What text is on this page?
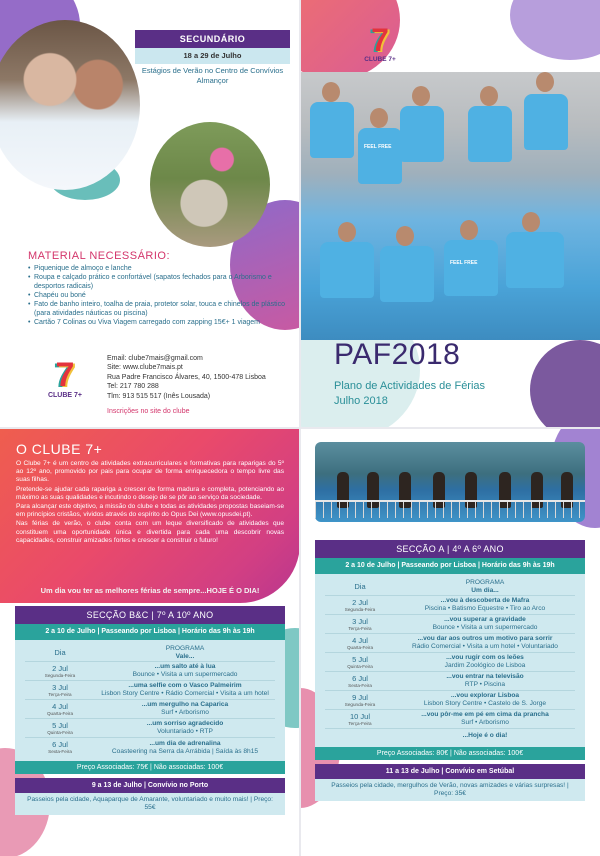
SECUNDÁRIO
18 a 29 de Julho
Estágios de Verão no Centro de Convívios Almançor
MATERIAL NECESSÁRIO:
• Piquenique de almoço e lanche
• Roupa e calçado prático e confortável (sapatos fechados para o Arborismo e desportos radicais)
• Chapéu ou boné
• Fato de banho inteiro, toalha de praia, protetor solar, touca e chinelos de plástico (para atividades náuticas ou piscina)
• Cartão 7 Colinas ou Viva Viagem carregado com zapping 15€+ 1 viagem
7
CLUBE 7+
Email: clube7mais@gmail.com
Site: www.clube7mais.pt
Rua Padre Francisco Álvares, 40, 1500-478 Lisboa
Tel: 217 780 288
Tlm: 913 515 517 (Inês Lousada)
Inscrições no site do clube
7
CLUBE 7+
FEEL FREE
FEEL FREE
PAF2018
Plano de Actividades de Férias
Julho 2018
O CLUBE 7+

O Clube 7+ é um centro de atividades extracurriculares e formativas para raparigas do 5º ao 12º ano, promovido por pais para ocupar de forma enriquecedora o tempo livre das suas filhas.

Pretende-se ajudar cada rapariga a crescer de forma madura e completa, potenciando ao máximo as suas qualidades e incutindo o desejo de se pôr ao serviço da sociedade.

Para alcançar este objetivo, a missão do clube e todas as atividades propostas baseiam-se em princípios cristãos, vividos através do espírito do Opus Dei (www.opusdei.pt).

Nas férias de verão, o clube conta com um leque diversificado de atividades que constituem uma oportunidade única e divertida para cada uma descobrir novas capacidades, construir amizades fortes e crescer a construir o futuro!

Um dia vou ter as melhores férias de sempre...HOJE É O DIA!
SECÇÃO B&C | 7º A 10º ANO
2 a 10 de Julho | Passeando por Lisboa | Horário das 9h às 19h
Dia	PROGRAMA
Vale...
2 Jul
Segunda-Feira
...um salto até à lua
Bounce • Visita a um supermercado
3 Jul
Terça-Feira
...uma selfie com o Vasco Palmeirim
Lisbon Story Centre • Rádio Comercial • Visita a um hotel
4 Jul
Quarta-Feira
...um mergulho na Caparica
Surf • Arborismo
5 Jul
Quinta-Feira
...um sorriso agradecido
Voluntariado • RTP
6 Jul
Sexta-Feira
...um dia de adrenalina
Coasteering na Serra da Arrábida | Saída às 8h15
Preço Associadas: 75€ | Não associadas: 100€
9 a 13 de Julho | Convívio no Porto
Passeios pela cidade, Aquaparque de Amarante, voluntariado e muito mais! | Preço: 55€
SECÇÃO A | 4º A 6º ANO
2 a 10 de Julho | Passeando por Lisboa | Horário das 9h às 19h
Dia	PROGRAMA
Um dia...
2 Jul
Segunda-Feira
...vou à descoberta de Mafra
Piscina • Batismo Equestre • Tiro ao Arco
3 Jul
Terça-Feira
...vou superar a gravidade
Bounce • Visita a um supermercado
4 Jul
Quarta-Feira
...vou dar aos outros um motivo para sorrir
Rádio Comercial • Visita a um hotel • Voluntariado
5 Jul
Quinta-Feira
...vou rugir com os leões
Jardim Zoológico de Lisboa
6 Jul
Sexta-Feira
...vou entrar na televisão
RTP • Piscina
9 Jul
Segunda-Feira
...vou explorar Lisboa
Lisbon Story Centre • Castelo de S. Jorge
10 Jul
Terça-Feira
...vou pôr-me em pé em cima da prancha
Surf • Arborismo
...Hoje é o dia!
Preço Associadas: 80€ | Não associadas: 100€
11 a 13 de Julho | Convívio em Setúbal
Passeios pela cidade, mergulhos de Verão, novas amizades e várias surpresas! | Preço: 35€
